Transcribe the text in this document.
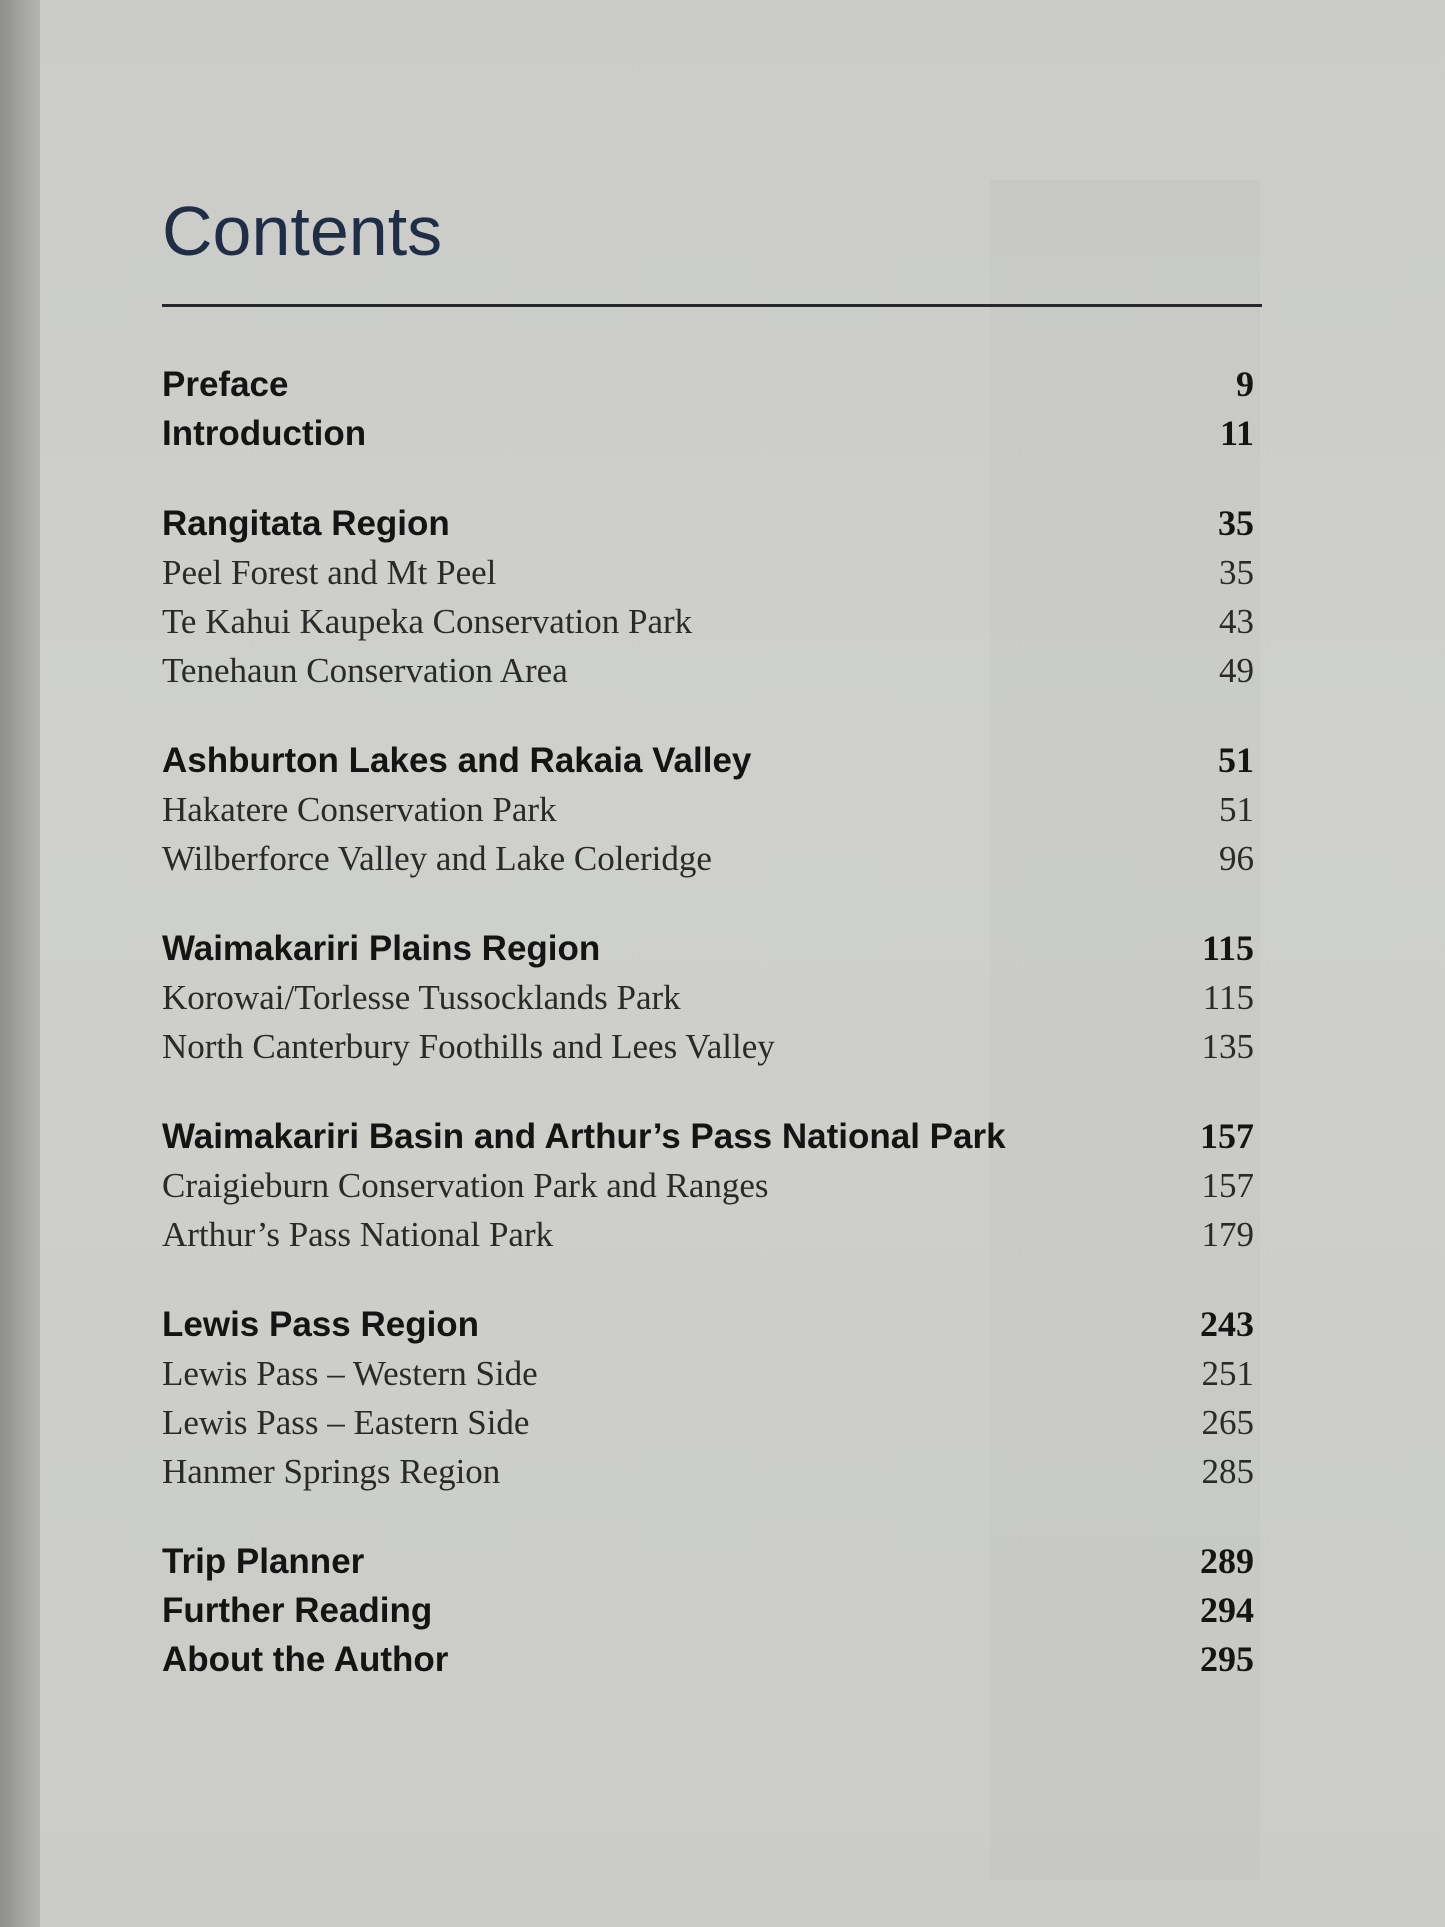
Contents
Preface	9
Introduction	11
Rangitata Region	35
Peel Forest and Mt Peel	35
Te Kahui Kaupeka Conservation Park	43
Tenehaun Conservation Area	49
Ashburton Lakes and Rakaia Valley	51
Hakatere Conservation Park	51
Wilberforce Valley and Lake Coleridge	96
Waimakariri Plains Region	115
Korowai/Torlesse Tussocklands Park	115
North Canterbury Foothills and Lees Valley	135
Waimakariri Basin and Arthur’s Pass National Park	157
Craigieburn Conservation Park and Ranges	157
Arthur’s Pass National Park	179
Lewis Pass Region	243
Lewis Pass – Western Side	251
Lewis Pass – Eastern Side	265
Hanmer Springs Region	285
Trip Planner	289
Further Reading	294
About the Author	295
